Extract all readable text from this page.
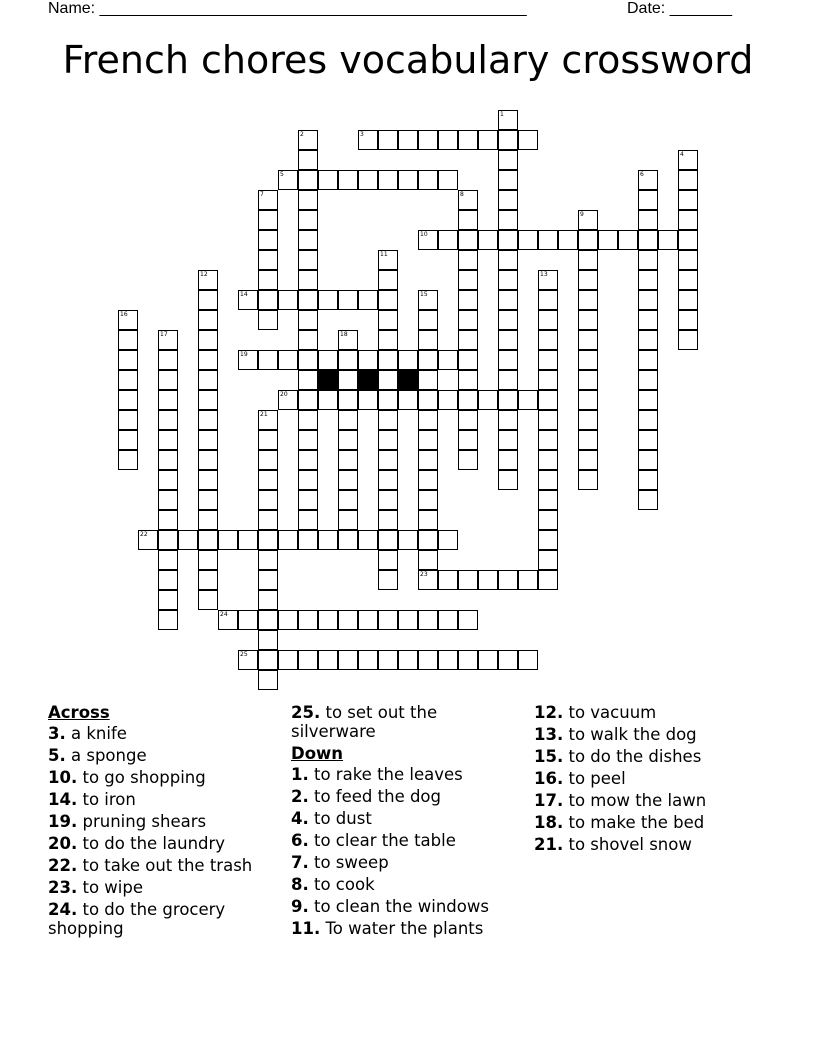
Name: ________________________________________________	Date: _______
French chores vocabulary crossword
1
2	3
4
5	6
7	8
9
10
11
12	13
14	15
16
17	18
19
20
21
22
23
24
25
Across
3. a knife
5. a sponge
10. to go shopping
14. to iron
19. pruning shears
20. to do the laundry
22. to take out the trash
23. to wipe
24. to do the grocery shopping
25. to set out the silverware
Down
1. to rake the leaves
2. to feed the dog
4. to dust
6. to clear the table
7. to sweep
8. to cook
9. to clean the windows
11. To water the plants
12. to vacuum
13. to walk the dog
15. to do the dishes
16. to peel
17. to mow the lawn
18. to make the bed
21. to shovel snow
